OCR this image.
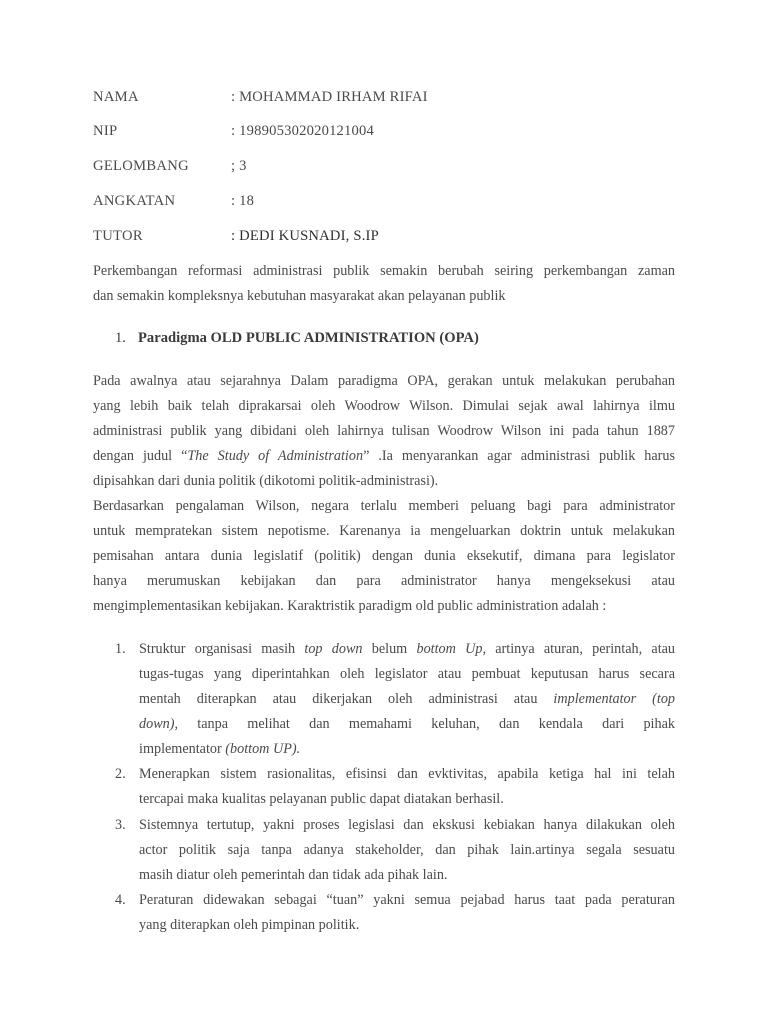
NAMA	: MOHAMMAD IRHAM RIFAI
NIP	: 198905302020121004
GELOMBANG	; 3
ANGKATAN	: 18
TUTOR	: DEDI KUSNADI, S.IP
Perkembangan reformasi administrasi publik semakin berubah seiring perkembangan zaman
dan semakin kompleksnya kebutuhan masyarakat akan pelayanan publik
1. Paradigma OLD PUBLIC ADMINISTRATION (OPA)
Pada awalnya atau sejarahnya Dalam paradigma OPA, gerakan untuk melakukan perubahan
yang lebih baik telah diprakarsai oleh Woodrow Wilson. Dimulai sejak awal lahirnya ilmu
administrasi publik yang dibidani oleh lahirnya tulisan Woodrow Wilson ini pada tahun 1887
dengan judul “The Study of Administration” .Ia menyarankan agar administrasi publik harus
dipisahkan dari dunia politik (dikotomi politik-administrasi).
Berdasarkan pengalaman Wilson, negara terlalu memberi peluang bagi para administrator
untuk mempratekan sistem nepotisme. Karenanya ia mengeluarkan doktrin untuk melakukan
pemisahan antara dunia legislatif (politik) dengan dunia eksekutif, dimana para legislator
hanya merumuskan kebijakan dan para administrator hanya mengeksekusi atau
mengimplementasikan kebijakan. Karaktristik paradigm old public administration adalah :
1. Struktur organisasi masih top down belum bottom Up, artinya aturan, perintah, atau
tugas-tugas yang diperintahkan oleh legislator atau pembuat keputusan harus secara
mentah diterapkan atau dikerjakan oleh administrasi atau implementator (top
down), tanpa melihat dan memahami keluhan, dan kendala dari pihak
implementator (bottom UP).
2. Menerapkan sistem rasionalitas, efisinsi dan evktivitas, apabila ketiga hal ini telah
tercapai maka kualitas pelayanan public dapat diatakan berhasil.
3. Sistemnya tertutup, yakni proses legislasi dan ekskusi kebiakan hanya dilakukan oleh
actor politik saja tanpa adanya stakeholder, dan pihak lain.artinya segala sesuatu
masih diatur oleh pemerintah dan tidak ada pihak lain.
4. Peraturan didewakan sebagai “tuan” yakni semua pejabad harus taat pada peraturan
yang diterapkan oleh pimpinan politik.
